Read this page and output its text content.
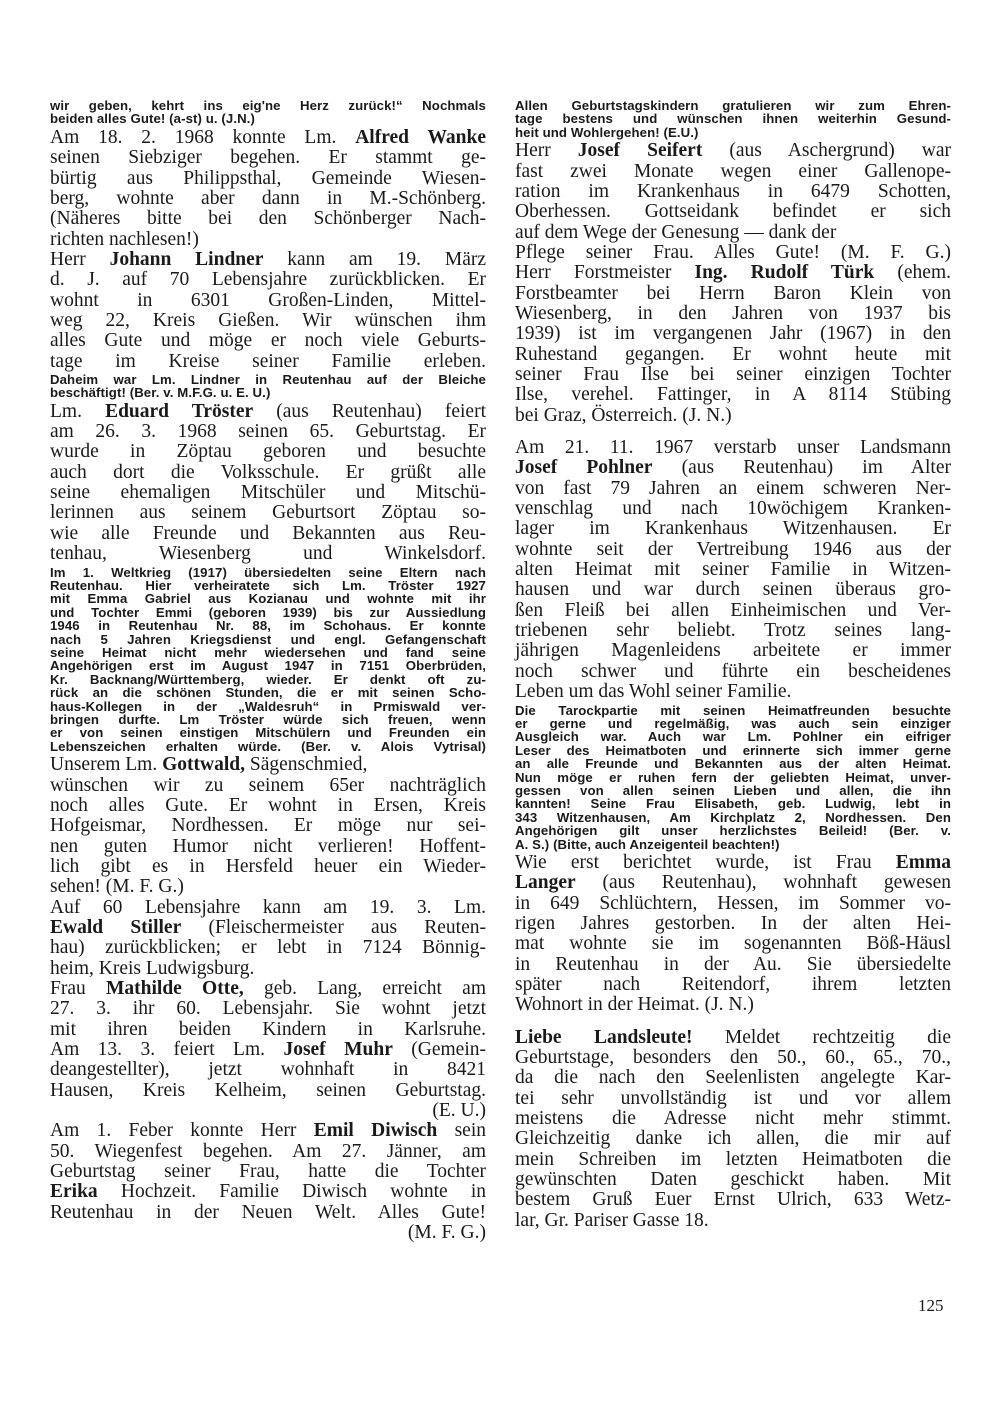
wir geben, kehrt ins eig'ne Herz zurück!“ Nochmals
beiden alles Gute! (a-st) u. (J.N.)
Am 18. 2. 1968 konnte Lm. Alfred Wanke
seinen Siebziger begehen. Er stammt ge-
bürtig aus Philippsthal, Gemeinde Wiesen-
berg, wohnte aber dann in M.-Schönberg.
(Näheres bitte bei den Schönberger Nach-
richten nachlesen!)
Herr Johann Lindner kann am 19. März
d. J. auf 70 Lebensjahre zurückblicken. Er
wohnt in 6301 Großen-Linden, Mittel-
weg 22, Kreis Gießen. Wir wünschen ihm
alles Gute und möge er noch viele Geburts-
tage im Kreise seiner Familie erleben.
Daheim war Lm. Lindner in Reutenhau auf der Bleiche
beschäftigt! (Ber. v. M.F.G. u. E. U.)
Lm. Eduard Tröster (aus Reutenhau) feiert
am 26. 3. 1968 seinen 65. Geburtstag. Er
wurde in Zöptau geboren und besuchte
auch dort die Volksschule. Er grüßt alle
seine ehemaligen Mitschüler und Mitschü-
lerinnen aus seinem Geburtsort Zöptau so-
wie alle Freunde und Bekannten aus Reu-
tenhau, Wiesenberg und Winkelsdorf.
Im 1. Weltkrieg (1917) übersiedelten seine Eltern nach
Reutenhau. Hier verheiratete sich Lm. Tröster 1927
mit Emma Gabriel aus Kozianau und wohnte mit ihr
und Tochter Emmi (geboren 1939) bis zur Aussiedlung
1946 in Reutenhau Nr. 88, im Schohaus. Er konnte
nach 5 Jahren Kriegsdienst und engl. Gefangenschaft
seine Heimat nicht mehr wiedersehen und fand seine
Angehörigen erst im August 1947 in 7151 Oberbrüden,
Kr. Backnang/Württemberg, wieder. Er denkt oft zu-
rück an die schönen Stunden, die er mit seinen Scho-
haus-Kollegen in der „Waldesruh“ in Prmiswald ver-
bringen durfte. Lm Tröster würde sich freuen, wenn
er von seinen einstigen Mitschülern und Freunden ein
Lebenszeichen erhalten würde. (Ber. v. Alois Vytrisal)
Unserem Lm. Gottwald, Sägenschmied,
wünschen wir zu seinem 65er nachträglich
noch alles Gute. Er wohnt in Ersen, Kreis
Hofgeismar, Nordhessen. Er möge nur sei-
nen guten Humor nicht verlieren! Hoffent-
lich gibt es in Hersfeld heuer ein Wieder-
sehen! (M. F. G.)
Auf 60 Lebensjahre kann am 19. 3. Lm.
Ewald Stiller (Fleischermeister aus Reuten-
hau) zurückblicken; er lebt in 7124 Bönnig-
heim, Kreis Ludwigsburg.
Frau Mathilde Otte, geb. Lang, erreicht am
27. 3. ihr 60. Lebensjahr. Sie wohnt jetzt
mit ihren beiden Kindern in Karlsruhe.
Am 13. 3. feiert Lm. Josef Muhr (Gemein-
deangestellter), jetzt wohnhaft in 8421
Hausen, Kreis Kelheim, seinen Geburtstag.
(E. U.)
Am 1. Feber konnte Herr Emil Diwisch sein
50. Wiegenfest begehen. Am 27. Jänner, am
Geburtstag seiner Frau, hatte die Tochter
Erika Hochzeit. Familie Diwisch wohnte in
Reutenhau in der Neuen Welt. Alles Gute!
(M. F. G.)
Allen Geburtstagskindern gratulieren wir zum Ehren-
tage bestens und wünschen ihnen weiterhin Gesund-
heit und Wohlergehen! (E.U.)
Herr Josef Seifert (aus Aschergrund) war
fast zwei Monate wegen einer Gallenope-
ration im Krankenhaus in 6479 Schotten,
Oberhessen. Gottseidank befindet er sich
auf dem Wege der Genesung — dank der
Pflege seiner Frau. Alles Gute! (M. F. G.)
Herr Forstmeister Ing. Rudolf Türk (ehem.
Forstbeamter bei Herrn Baron Klein von
Wiesenberg, in den Jahren von 1937 bis
1939) ist im vergangenen Jahr (1967) in den
Ruhestand gegangen. Er wohnt heute mit
seiner Frau Ilse bei seiner einzigen Tochter
Ilse, verehel. Fattinger, in A 8114 Stübing
bei Graz, Österreich. (J. N.)
Am 21. 11. 1967 verstarb unser Landsmann
Josef Pohlner (aus Reutenhau) im Alter
von fast 79 Jahren an einem schweren Ner-
venschlag und nach 10wöchigem Kranken-
lager im Krankenhaus Witzenhausen. Er
wohnte seit der Vertreibung 1946 aus der
alten Heimat mit seiner Familie in Witzen-
hausen und war durch seinen überaus gro-
ßen Fleiß bei allen Einheimischen und Ver-
triebenen sehr beliebt. Trotz seines lang-
jährigen Magenleidens arbeitete er immer
noch schwer und führte ein bescheidenes
Leben um das Wohl seiner Familie.
Die Tarockpartie mit seinen Heimatfreunden besuchte
er gerne und regelmäßig, was auch sein einziger
Ausgleich war. Auch war Lm. Pohlner ein eifriger
Leser des Heimatboten und erinnerte sich immer gerne
an alle Freunde und Bekannten aus der alten Heimat.
Nun möge er ruhen fern der geliebten Heimat, unver-
gessen von allen seinen Lieben und allen, die ihn
kannten! Seine Frau Elisabeth, geb. Ludwig, lebt in
343 Witzenhausen, Am Kirchplatz 2, Nordhessen. Den
Angehörigen gilt unser herzlichstes Beileid! (Ber. v.
A. S.) (Bitte, auch Anzeigenteil beachten!)
Wie erst berichtet wurde, ist Frau Emma
Langer (aus Reutenhau), wohnhaft gewesen
in 649 Schlüchtern, Hessen, im Sommer vo-
rigen Jahres gestorben. In der alten Hei-
mat wohnte sie im sogenannten Böß-Häusl
in Reutenhau in der Au. Sie übersiedelte
später nach Reitendorf, ihrem letzten
Wohnort in der Heimat. (J. N.)
Liebe Landsleute! Meldet rechtzeitig die
Geburtstage, besonders den 50., 60., 65., 70.,
da die nach den Seelenlisten angelegte Kar-
tei sehr unvollständig ist und vor allem
meistens die Adresse nicht mehr stimmt.
Gleichzeitig danke ich allen, die mir auf
mein Schreiben im letzten Heimatboten die
gewünschten Daten geschickt haben. Mit
bestem Gruß Euer Ernst Ulrich, 633 Wetz-
lar, Gr. Pariser Gasse 18.
125
